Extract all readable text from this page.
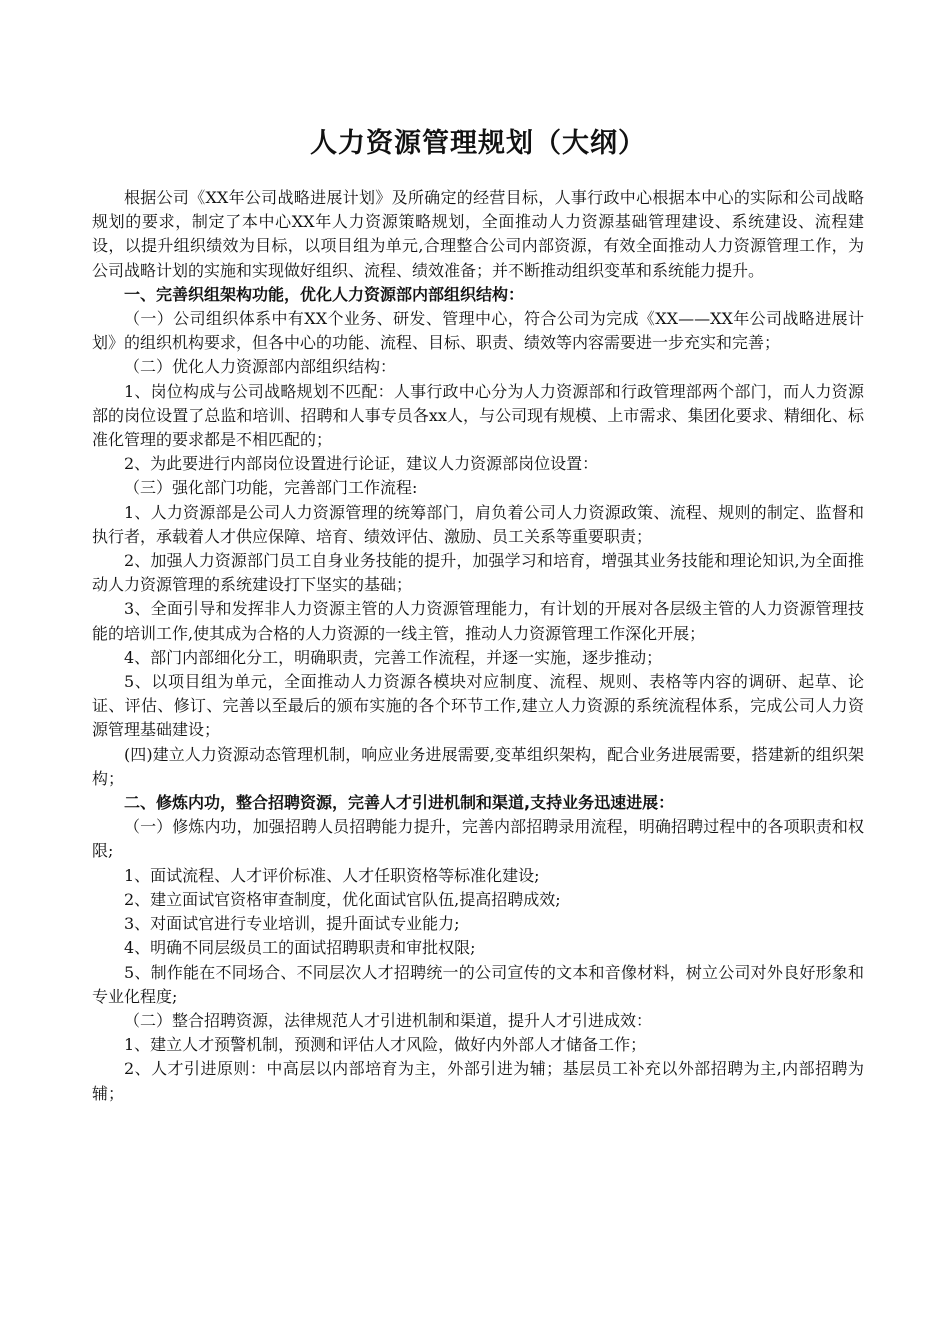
人力资源管理规划（大纲）

根据公司《XX年公司战略进展计划》及所确定的经营目标，人事行政中心根据本中心的实际和公司战略规划的要求，制定了本中心XX年人力资源策略规划，全面推动人力资源基础管理建设、系统建设、流程建设，以提升组织绩效为目标，以项目组为单元,合理整合公司内部资源，有效全面推动人力资源管理工作，为公司战略计划的实施和实现做好组织、流程、绩效准备；并不断推动组织变革和系统能力提升。

一、完善织组架构功能，优化人力资源部内部组织结构：

（一）公司组织体系中有XX个业务、研发、管理中心，符合公司为完成《XX——XX年公司战略进展计划》的组织机构要求，但各中心的功能、流程、目标、职责、绩效等内容需要进一步充实和完善；

（二）优化人力资源部内部组织结构：

1、岗位构成与公司战略规划不匹配：人事行政中心分为人力资源部和行政管理部两个部门，而人力资源部的岗位设置了总监和培训、招聘和人事专员各xx人，与公司现有规模、上市需求、集团化要求、精细化、标准化管理的要求都是不相匹配的；

2、为此要进行内部岗位设置进行论证，建议人力资源部岗位设置：

（三）强化部门功能，完善部门工作流程:

1、人力资源部是公司人力资源管理的统筹部门，肩负着公司人力资源政策、流程、规则的制定、监督和执行者，承载着人才供应保障、培育、绩效评估、激励、员工关系等重要职责；

2、加强人力资源部门员工自身业务技能的提升，加强学习和培育，增强其业务技能和理论知识,为全面推动人力资源管理的系统建设打下坚实的基础；

3、全面引导和发挥非人力资源主管的人力资源管理能力，有计划的开展对各层级主管的人力资源管理技能的培训工作,使其成为合格的人力资源的一线主管，推动人力资源管理工作深化开展；

4、部门内部细化分工，明确职责，完善工作流程，并逐一实施，逐步推动；

5、以项目组为单元，全面推动人力资源各模块对应制度、流程、规则、表格等内容的调研、起草、论证、评估、修订、完善以至最后的颁布实施的各个环节工作,建立人力资源的系统流程体系，完成公司人力资源管理基础建设；

(四)建立人力资源动态管理机制，响应业务进展需要,变革组织架构，配合业务进展需要，搭建新的组织架构；

二、修炼内功，整合招聘资源，完善人才引进机制和渠道,支持业务迅速进展：

（一）修炼内功，加强招聘人员招聘能力提升，完善内部招聘录用流程，明确招聘过程中的各项职责和权限;

1、面试流程、人才评价标准、人才任职资格等标准化建设;

2、建立面试官资格审查制度，优化面试官队伍,提高招聘成效;

3、对面试官进行专业培训，提升面试专业能力;

4、明确不同层级员工的面试招聘职责和审批权限;

5、制作能在不同场合、不同层次人才招聘统一的公司宣传的文本和音像材料，树立公司对外良好形象和专业化程度;

（二）整合招聘资源，法律规范人才引进机制和渠道，提升人才引进成效：

1、建立人才预警机制，预测和评估人才风险，做好内外部人才储备工作；

2、人才引进原则：中高层以内部培育为主，外部引进为辅；基层员工补充以外部招聘为主,内部招聘为辅；
